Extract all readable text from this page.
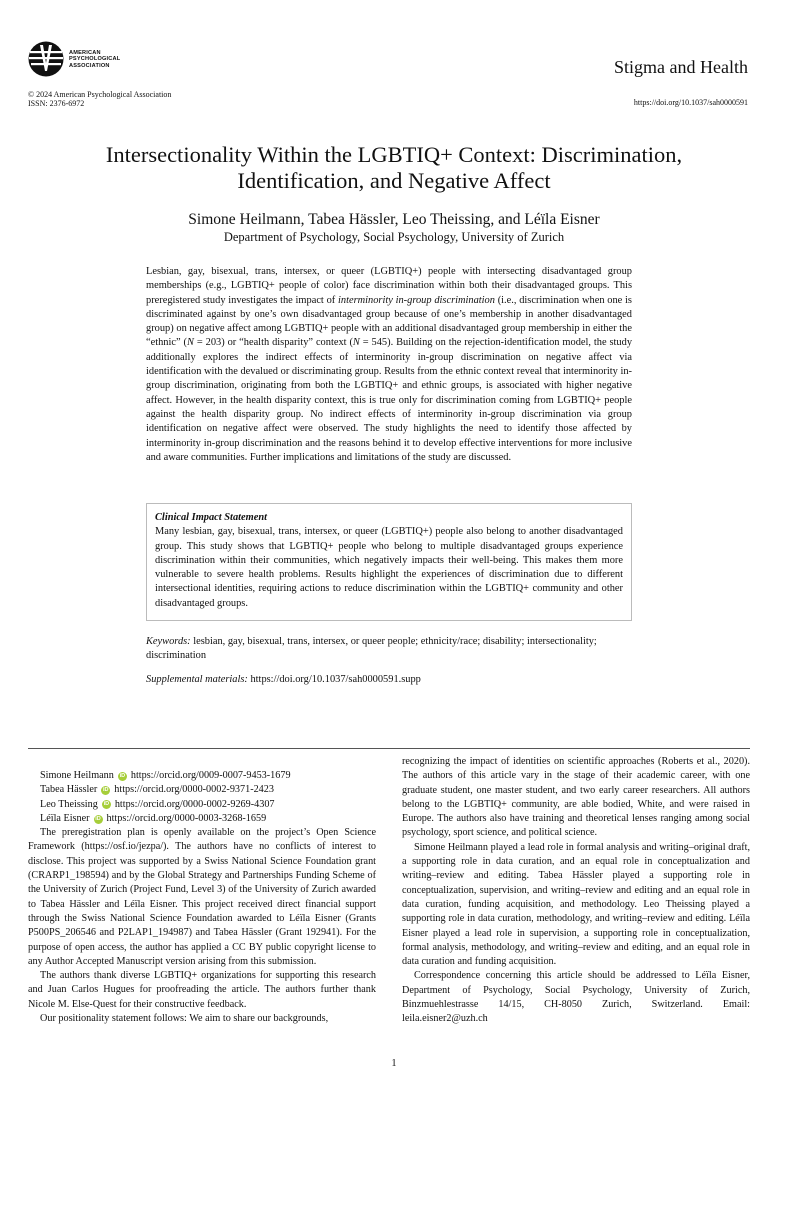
AMERICAN
PSYCHOLOGICAL
ASSOCIATION	Stigma and Health
© 2024 American Psychological Association
ISSN: 2376-6972	https://doi.org/10.1037/sah0000591
Intersectionality Within the LGBTIQ+ Context: Discrimination,
Identification, and Negative Affect
Simone Heilmann, Tabea Hässler, Leo Theissing, and Léïla Eisner
Department of Psychology, Social Psychology, University of Zurich
Lesbian, gay, bisexual, trans, intersex, or queer (LGBTIQ+) people with intersecting disadvantaged group memberships (e.g., LGBTIQ+ people of color) face discrimination within both their disadvantaged groups. This preregistered study investigates the impact of interminority in-group discrimination (i.e., discrimination when one is discriminated against by one’s own disadvantaged group because of one’s membership in another disadvantaged group) on negative affect among LGBTIQ+ people with an additional disadvantaged group membership in either the “ethnic” (N = 203) or “health disparity” context (N = 545). Building on the rejection-identification model, the study additionally explores the indirect effects of interminority in-group discrimination on negative affect via identification with the devalued or discriminating group. Results from the ethnic context reveal that interminority in-group discrimination, originating from both the LGBTIQ+ and ethnic groups, is associated with higher negative affect. However, in the health disparity context, this is true only for discrimination coming from LGBTIQ+ people against the health disparity group. No indirect effects of interminority in-group discrimination via group identification on negative affect were observed. The study highlights the need to identify those affected by interminority in-group discrimination and the reasons behind it to develop effective interventions for more inclusive and aware communities. Further implications and limitations of the study are discussed.
Clinical Impact Statement
Many lesbian, gay, bisexual, trans, intersex, or queer (LGBTIQ+) people also belong to another disadvantaged group. This study shows that LGBTIQ+ people who belong to multiple disadvantaged groups experience discrimination within their communities, which negatively impacts their well-being. This makes them more vulnerable to severe health problems. Results highlight the experiences of discrimination due to different intersectional identities, requiring actions to reduce discrimination within the LGBTIQ+ community and other disadvantaged groups.
Keywords: lesbian, gay, bisexual, trans, intersex, or queer people; ethnicity/race; disability; intersectionality; discrimination
Supplemental materials: https://doi.org/10.1037/sah0000591.supp
Simone Heilmann	iD https://orcid.org/0009-0007-9453-1679
Tabea Hässler	iD https://orcid.org/0000-0002-9371-2423
Leo Theissing	iD https://orcid.org/0000-0002-9269-4307
Léïla Eisner	iD https://orcid.org/0000-0003-3268-1659

The preregistration plan is openly available on the project’s Open Science Framework (https://osf.io/jezpa/). The authors have no conflicts of interest to disclose. This project was supported by a Swiss National Science Foundation grant (CRARP1_198594) and by the Global Strategy and Partnerships Funding Scheme of the University of Zurich (Project Fund, Level 3) of the University of Zurich awarded to Tabea Hässler and Léïla Eisner. This project received direct financial support through the Swiss National Science Foundation awarded to Léïla Eisner (Grants P500PS_206546 and P2LAP1_194987) and Tabea Hässler (Grant 192941). For the purpose of open access, the author has applied a CC BY public copyright license to any Author Accepted Manuscript version arising from this submission.

The authors thank diverse LGBTIQ+ organizations for supporting this research and Juan Carlos Hugues for proofreading the article. The authors further thank Nicole M. Else-Quest for their constructive feedback.

Our positionality statement follows: We aim to share our backgrounds,

recognizing the impact of identities on scientific approaches (Roberts et al., 2020). The authors of this article vary in the stage of their academic career, with one graduate student, one master student, and two early career researchers. All authors belong to the LGBTIQ+ community, are able bodied, White, and were raised in Europe. The authors also have training and theoretical lenses ranging among social psychology, sport science, and political science.

Simone Heilmann played a lead role in formal analysis and writing–original draft, a supporting role in data curation, and an equal role in conceptualization and writing–review and editing. Tabea Hässler played a supporting role in conceptualization, supervision, and writing–review and editing and an equal role in data curation, funding acquisition, and methodology. Leo Theissing played a supporting role in data curation, methodology, and writing–review and editing. Léïla Eisner played a lead role in supervision, a supporting role in conceptualization, formal analysis, methodology, and writing–review and editing, and an equal role in data curation and funding acquisition.

Correspondence concerning this article should be addressed to Léïla Eisner, Department of Psychology, Social Psychology, University of Zurich, Binzmuehlestrasse 14/15, CH-8050 Zurich, Switzerland. Email: leila.eisner2@uzh.ch

1
